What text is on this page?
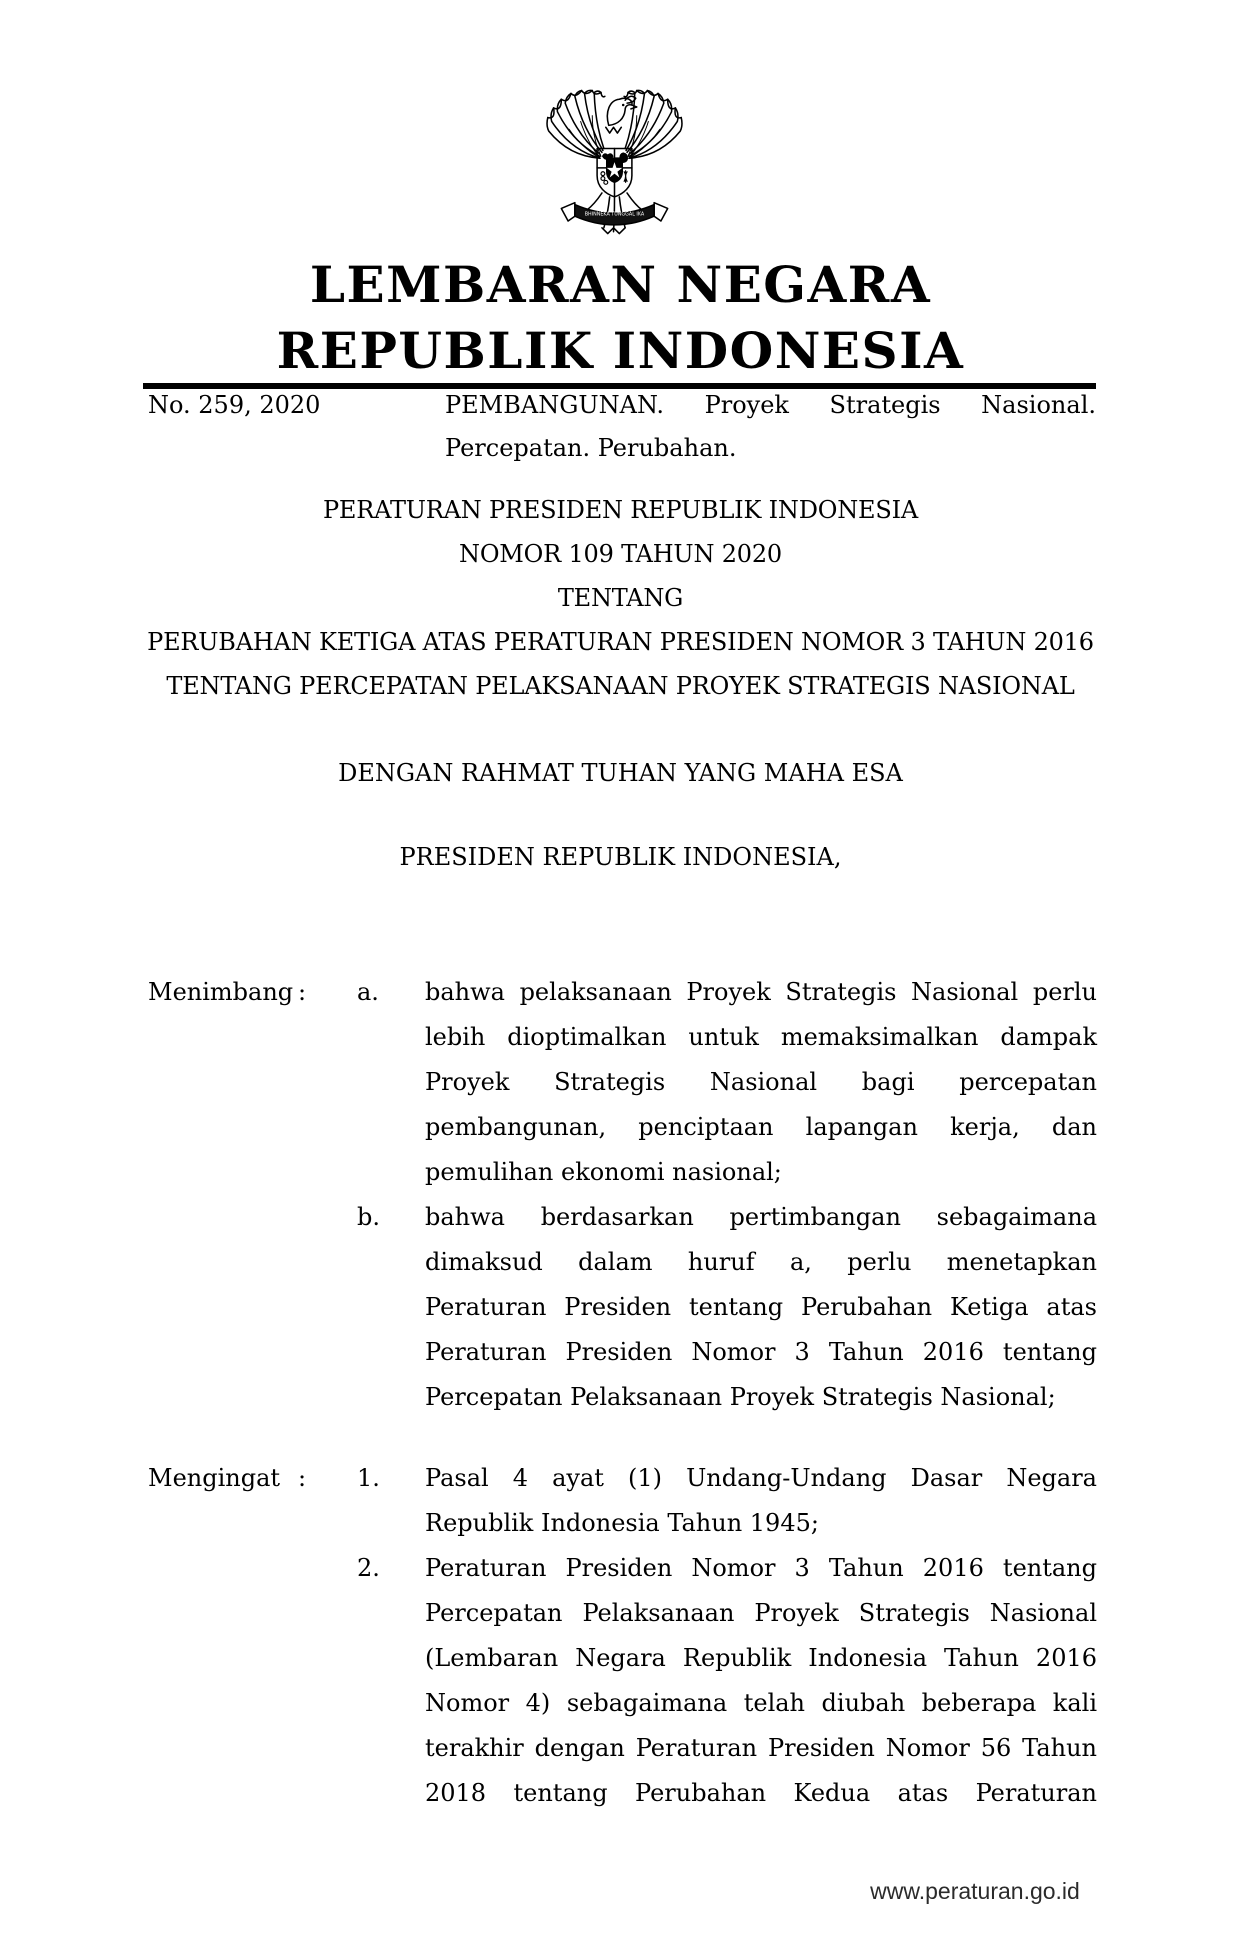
BHINNEKA TUNGGAL IKA
LEMBARAN NEGARA
REPUBLIK INDONESIA
No. 259, 2020	PEMBANGUNAN. Proyek Strategis Nasional.
Percepatan. Perubahan.
PERATURAN PRESIDEN REPUBLIK INDONESIA
NOMOR 109 TAHUN 2020
TENTANG
PERUBAHAN KETIGA ATAS PERATURAN PRESIDEN NOMOR 3 TAHUN 2016
TENTANG PERCEPATAN PELAKSANAAN PROYEK STRATEGIS NASIONAL
DENGAN RAHMAT TUHAN YANG MAHA ESA
PRESIDEN REPUBLIK INDONESIA,
Menimbang : a. bahwa pelaksanaan Proyek Strategis Nasional perlu
lebih dioptimalkan untuk memaksimalkan dampak
Proyek Strategis Nasional bagi percepatan
pembangunan, penciptaan lapangan kerja, dan
pemulihan ekonomi nasional;
b. bahwa berdasarkan pertimbangan sebagaimana
dimaksud dalam huruf a, perlu menetapkan
Peraturan Presiden tentang Perubahan Ketiga atas
Peraturan Presiden Nomor 3 Tahun 2016 tentang
Percepatan Pelaksanaan Proyek Strategis Nasional;
Mengingat : 1. Pasal 4 ayat (1) Undang-Undang Dasar Negara
Republik Indonesia Tahun 1945;
2. Peraturan Presiden Nomor 3 Tahun 2016 tentang
Percepatan Pelaksanaan Proyek Strategis Nasional
(Lembaran Negara Republik Indonesia Tahun 2016
Nomor 4) sebagaimana telah diubah beberapa kali
terakhir dengan Peraturan Presiden Nomor 56 Tahun
2018 tentang Perubahan Kedua atas Peraturan
www.peraturan.go.id
